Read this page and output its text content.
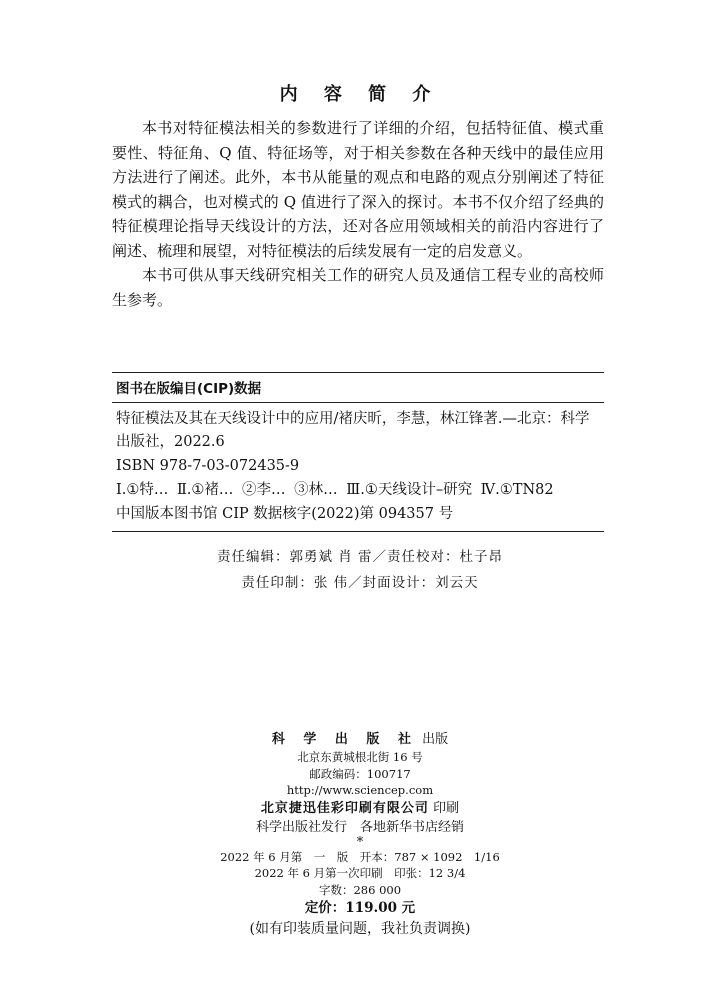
内 容 简 介

本书对特征模法相关的参数进行了详细的介绍，包括特征值、模式重要性、特征角、Q 值、特征场等，对于相关参数在各种天线中的最佳应用方法进行了阐述。此外，本书从能量的观点和电路的观点分别阐述了特征模式的耦合，也对模式的 Q 值进行了深入的探讨。本书不仅介绍了经典的特征模理论指导天线设计的方法，还对各应用领域相关的前沿内容进行了阐述、梳理和展望，对特征模法的后续发展有一定的启发意义。

本书可供从事天线研究相关工作的研究人员及通信工程专业的高校师生参考。

图书在版编目(CIP)数据
特征模法及其在天线设计中的应用/褚庆昕，李慧，林江锋著.—北京：科学出版社，2022.6
ISBN 978-7-03-072435-9
Ⅰ.①特… Ⅱ.①褚… ②李… ③林… Ⅲ.①天线设计–研究 Ⅳ.①TN82
中国版本图书馆 CIP 数据核字(2022)第 094357 号
责任编辑：郭勇斌 肖 雷／责任校对：杜子昂
责任印制：张 伟／封面设计：刘云天
科 学 出 版 社 出版
北京东黄城根北街 16 号
邮政编码：100717
http://www.sciencep.com
北京捷迅佳彩印刷有限公司 印刷
科学出版社发行　各地新华书店经销
*
2022 年 6 月第　一　版　开本：787 × 1092　1/16
2022 年 6 月第一次印刷　印张：12 3/4
字数：286 000
定价：119.00 元
(如有印装质量问题，我社负责调换)
